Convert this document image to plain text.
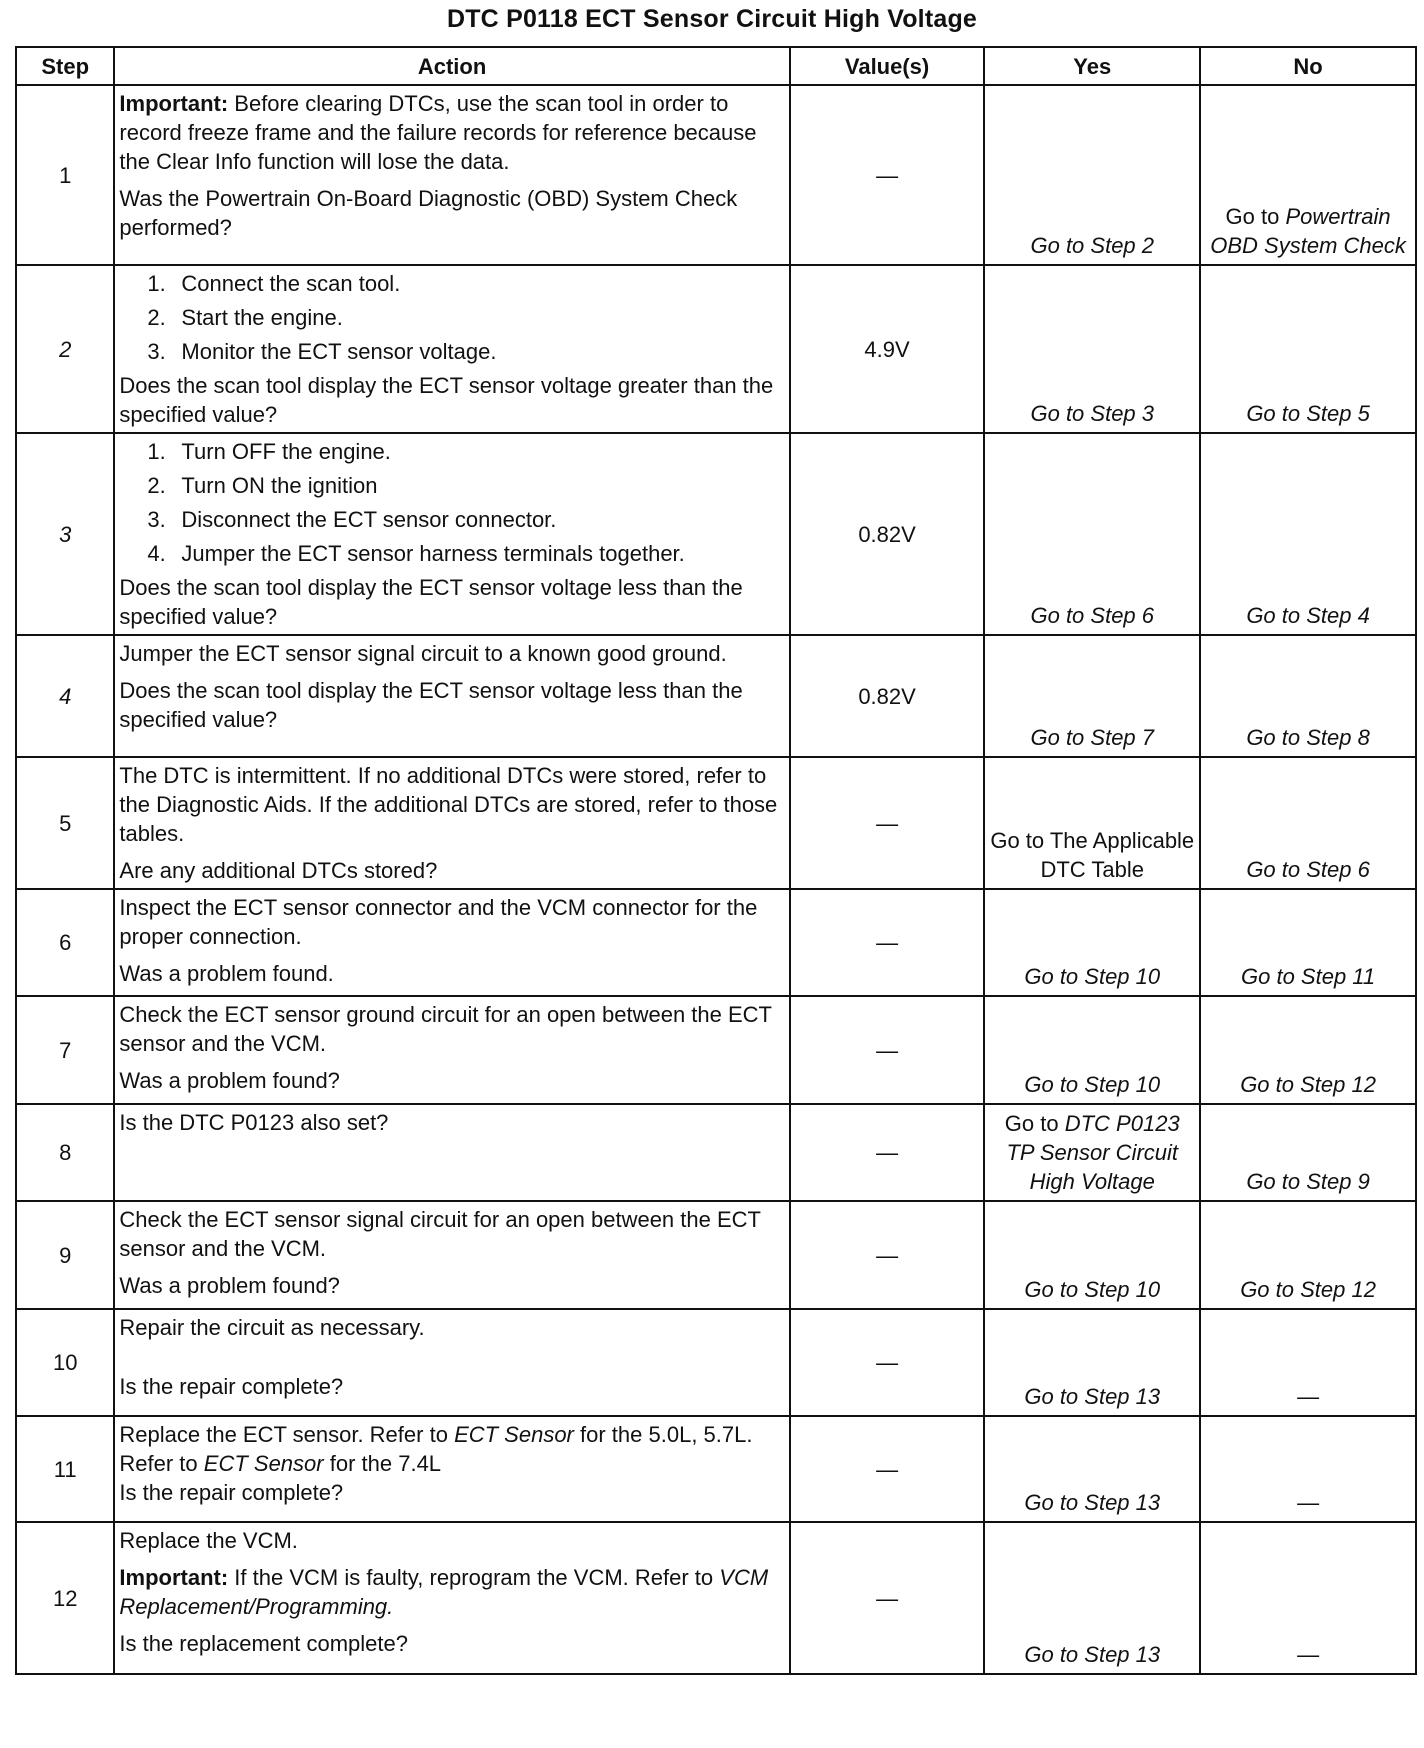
DTC P0118 ECT Sensor Circuit High Voltage
Step	Action	Value(s)	Yes	No
1	Important: Before clearing DTCs, use the scan tool in order to record freeze frame and the failure records for reference because the Clear Info function will lose the data.
Was the Powertrain On-Board Diagnostic (OBD) System Check performed?	—	Go to Step 2	Go to Powertrain OBD System Check
2	1. Connect the scan tool.
2. Start the engine.
3. Monitor the ECT sensor voltage.
Does the scan tool display the ECT sensor voltage greater than the specified value?	4.9V	Go to Step 3	Go to Step 5
3	1. Turn OFF the engine.
2. Turn ON the ignition
3. Disconnect the ECT sensor connector.
4. Jumper the ECT sensor harness terminals together.
Does the scan tool display the ECT sensor voltage less than the specified value?	0.82V	Go to Step 6	Go to Step 4
4	Jumper the ECT sensor signal circuit to a known good ground.
Does the scan tool display the ECT sensor voltage less than the specified value?	0.82V	Go to Step 7	Go to Step 8
5	The DTC is intermittent. If no additional DTCs were stored, refer to the Diagnostic Aids. If the additional DTCs are stored, refer to those tables.
Are any additional DTCs stored?	—	Go to The Applicable DTC Table	Go to Step 6
6	Inspect the ECT sensor connector and the VCM connector for the proper connection.
Was a problem found.	—	Go to Step 10	Go to Step 11
7	Check the ECT sensor ground circuit for an open between the ECT sensor and the VCM.
Was a problem found?	—	Go to Step 10	Go to Step 12
8	Is the DTC P0123 also set?	—	Go to DTC P0123 TP Sensor Circuit High Voltage	Go to Step 9
9	Check the ECT sensor signal circuit for an open between the ECT sensor and the VCM.
Was a problem found?	—	Go to Step 10	Go to Step 12
10	Repair the circuit as necessary.
Is the repair complete?	—	Go to Step 13	—
11	Replace the ECT sensor. Refer to ECT Sensor for the 5.0L, 5.7L. Refer to ECT Sensor for the 7.4L
Is the repair complete?	—	Go to Step 13	—
12	Replace the VCM.
Important: If the VCM is faulty, reprogram the VCM. Refer to VCM Replacement/Programming.
Is the replacement complete?	—	Go to Step 13	—
